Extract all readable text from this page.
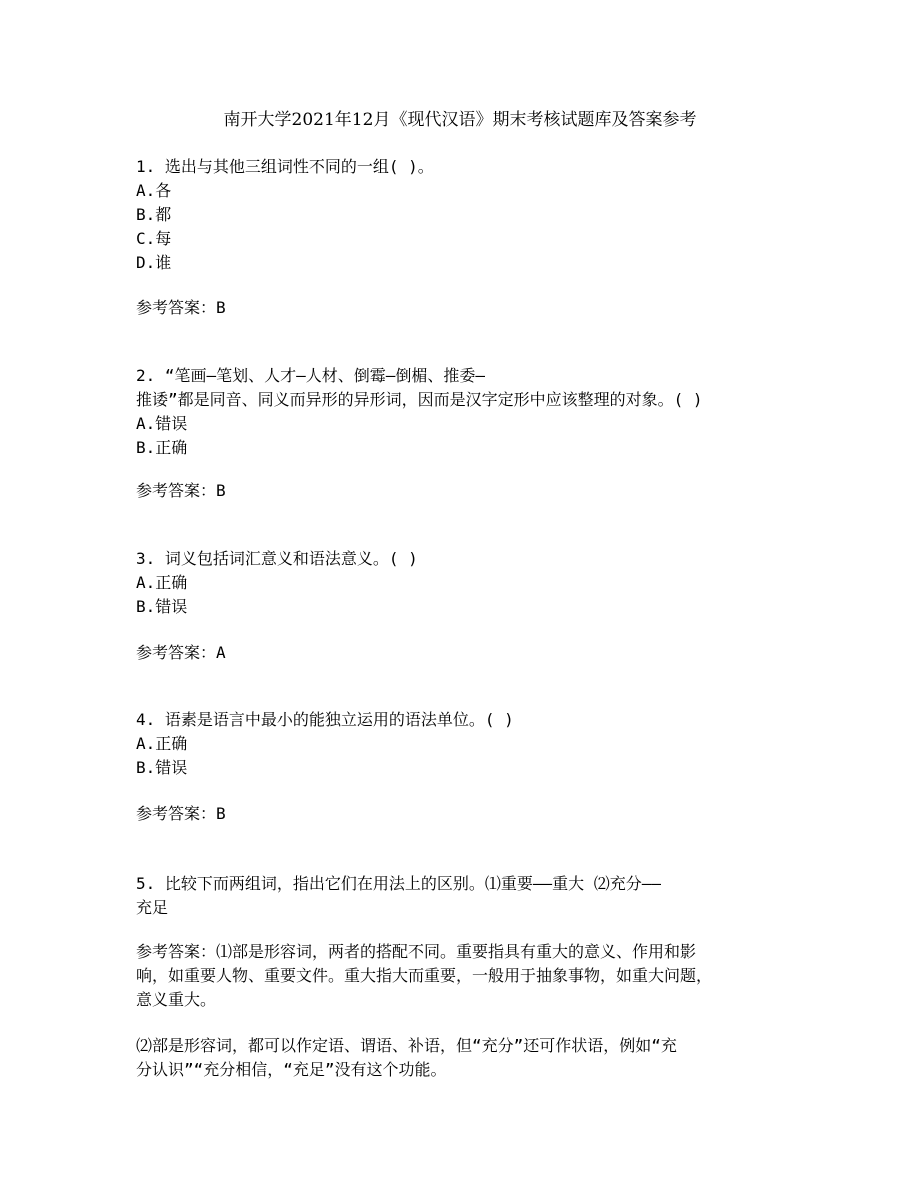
南开大学2021年12月《现代汉语》期末考核试题库及答案参考
1. 选出与其他三组词性不同的一组( )。
A.各
B.都
C.每
D.谁
参考答案：B
2. “笔画—笔划、人才—人材、倒霉—倒楣、推委—
推诿”都是同音、同义而异形的异形词，因而是汉字定形中应该整理的对象。( )
A.错误
B.正确
参考答案：B
3. 词义包括词汇意义和语法意义。( )
A.正确
B.错误
参考答案：A
4. 语素是语言中最小的能独立运用的语法单位。( )
A.正确
B.错误
参考答案：B
5. 比较下而两组词，指出它们在用法上的区别。⑴重要——重大 ⑵充分——
充足
参考答案：⑴部是形容词，两者的搭配不同。重要指具有重大的意义、作用和影
响，如重要人物、重要文件。重大指大而重要，一般用于抽象事物，如重大问题，
意义重大。
⑵部是形容词，都可以作定语、谓语、补语，但“充分”还可作状语，例如“充
分认识”“充分相信，“充足”没有这个功能。
